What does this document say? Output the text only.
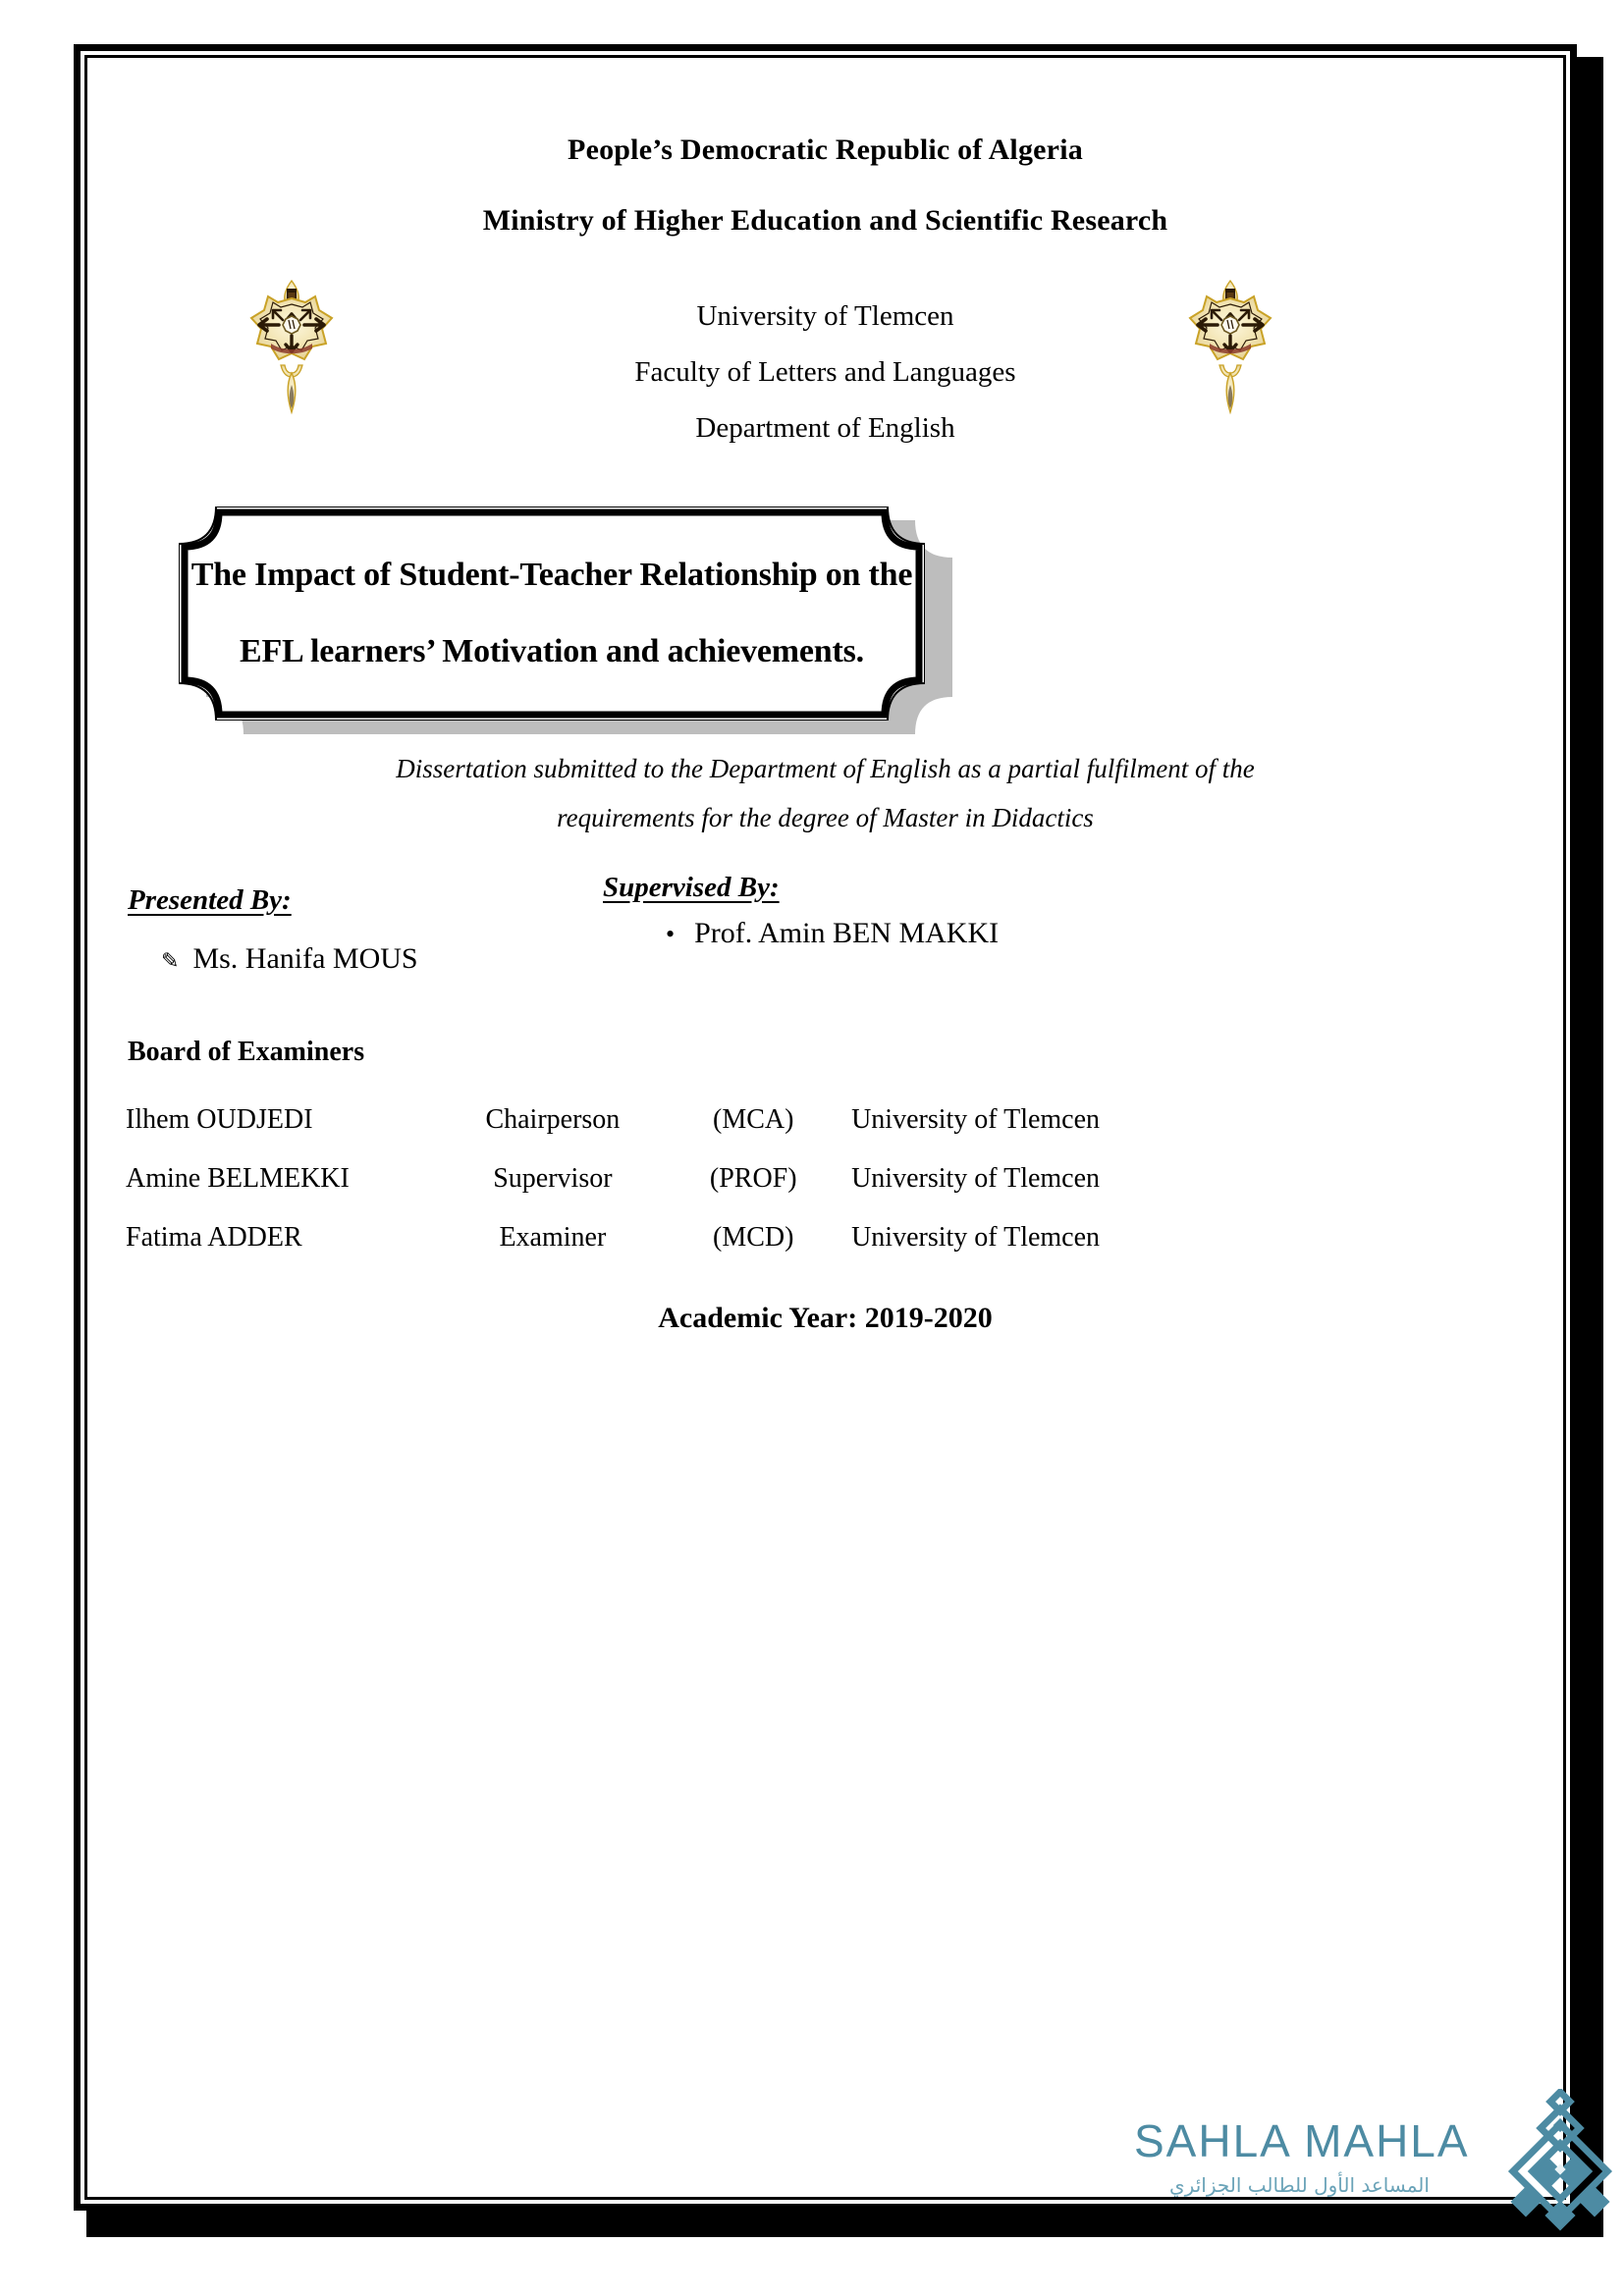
People’s Democratic Republic of Algeria
Ministry of Higher Education and Scientific Research
University of Tlemcen
Faculty of Letters and Languages
Department of English
The Impact of Student-Teacher Relationship on the
EFL learners’ Motivation and achievements.
Dissertation submitted to the Department of English as a partial fulfilment of the
requirements for the degree of Master in Didactics
Presented By:
✎ Ms. Hanifa MOUS
Supervised By:
• Prof. Amin BEN MAKKI
Board of Examiners
Ilhem OUDJEDI	Chairperson	(MCA)	University of Tlemcen
Amine BELMEKKI	Supervisor	(PROF)	University of Tlemcen
Fatima ADDER	Examiner	(MCD)	University of Tlemcen
Academic Year: 2019-2020
SAHLA MAHLA
المساعد الأول للطالب الجزائري
